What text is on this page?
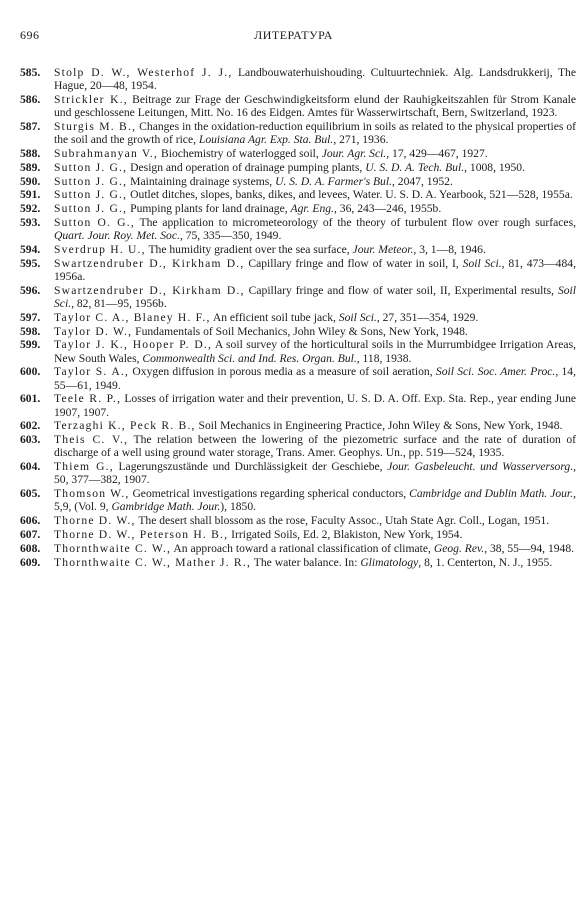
696	ЛИТЕРАТУРА
585.	Stolp D. W., Westerhof J. J., Landbouwaterhuishouding. Cultuurtechniek. Alg. Landsdrukkerij, The Hague, 20—48, 1954.
586.	Strickler K., Beitrage zur Frage der Geschwindigkeitsform elund der Rauhigkeitszahlen für Strom Kanale und geschlossene Leitungen, Mitt. No. 16 des Eidgen. Amtes für Wasserwirtschaft, Bern, Switzerland, 1923.
587.	Sturgis M. B., Changes in the oxidation-reduction equilibrium in soils as related to the physical properties of the soil and the growth of rice, Louisiana Agr. Exp. Sta. Bul., 271, 1936.
588.	Subrahmanyan V., Biochemistry of waterlogged soil, Jour. Agr. Sci., 17, 429—467, 1927.
589.	Sutton J. G., Design and operation of drainage pumping plants, U. S. D. A. Tech. Bul., 1008, 1950.
590.	Sutton J. G., Maintaining drainage systems, U. S. D. A. Farmer's Bul., 2047, 1952.
591.	Sutton J. G., Outlet ditches, slopes, banks, dikes, and levees, Water. U. S. D. A. Yearbook, 521—528, 1955a.
592.	Sutton J. G., Pumping plants for land drainage, Agr. Eng., 36, 243—246, 1955b.
593.	Sutton O. G., The application to micrometeorology of the theory of turbulent flow over rough surfaces, Quart. Jour. Roy. Met. Soc., 75, 335—350, 1949.
594.	Sverdrup H. U., The humidity gradient over the sea surface, Jour. Meteor., 3, 1—8, 1946.
595.	Swartzendruber D., Kirkham D., Capillary fringe and flow of water in soil, I, Soil Sci., 81, 473—484, 1956a.
596.	Swartzendruber D., Kirkham D., Capillary fringe and flow of water soil, II, Experimental results, Soil Sci., 82, 81—95, 1956b.
597.	Taylor C. A., Blaney H. F., An efficient soil tube jack, Soil Sci., 27, 351—354, 1929.
598.	Taylor D. W., Fundamentals of Soil Mechanics, John Wiley & Sons, New York, 1948.
599.	Taylor J. K., Hooper P. D., A soil survey of the horticultural soils in the Murrumbidgee Irrigation Areas, New South Wales, Commonwealth Sci. and Ind. Res. Organ. Bul., 118, 1938.
600.	Taylor S. A., Oxygen diffusion in porous media as a measure of soil aeration, Soil Sci. Soc. Amer. Proc., 14, 55—61, 1949.
601.	Teele R. P., Losses of irrigation water and their prevention, U. S. D. A. Off. Exp. Sta. Rep., year ending June 1907, 1907.
602.	Terzaghi K., Peck R. B., Soil Mechanics in Engineering Practice, John Wiley & Sons, New York, 1948.
603.	Theis C. V., The relation between the lowering of the piezometric surface and the rate of duration of discharge of a well using ground water storage, Trans. Amer. Geophys. Un., pp. 519—524, 1935.
604.	Thiem G., Lagerungszustände und Durchlässigkeit der Geschiebe, Jour. Gasbeleucht. und Wasserversorg., 50, 377—382, 1907.
605.	Thomson W., Geometrical investigations regarding spherical conductors, Cambridge and Dublin Math. Jour., 5,9, (Vol. 9, Gambridge Math. Jour.), 1850.
606.	Thorne D. W., The desert shall blossom as the rose, Faculty Assoc., Utah State Agr. Coll., Logan, 1951.
607.	Thorne D. W., Peterson H. B., Irrigated Soils, Ed. 2, Blakiston, New York, 1954.
608.	Thornthwaite C. W., An approach toward a rational classification of climate, Geog. Rev., 38, 55—94, 1948.
609.	Thornthwaite C. W., Mather J. R., The water balance. In: Glimatology, 8, 1. Centerton, N. J., 1955.
